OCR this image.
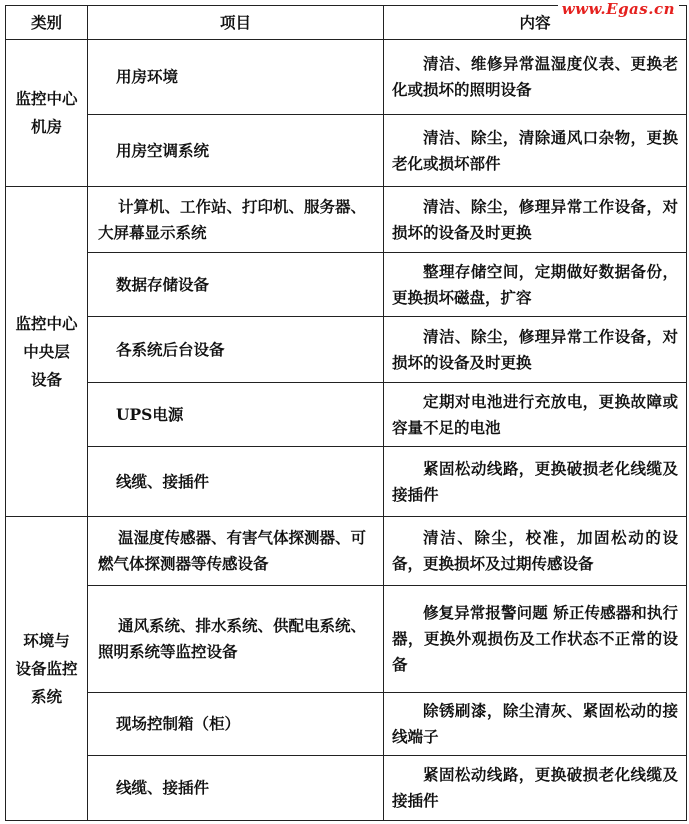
类别	项目	内容
监控中心
机房	用房环境	清洁、维修异常温湿度仪表、更换老化或损坏的照明设备
	用房空调系统	清洁、除尘，清除通风口杂物，更换老化或损坏部件
监控中心
中央层
设备	计算机、工作站、打印机、服务器、大屏幕显示系统	清洁、除尘，修理异常工作设备，对损坏的设备及时更换
	数据存储设备	整理存储空间，定期做好数据备份，更换损坏磁盘，扩容
	各系统后台设备	清洁、除尘，修理异常工作设备，对损坏的设备及时更换
	UPS电源	定期对电池进行充放电，更换故障或容量不足的电池
	线缆、接插件	紧固松动线路，更换破损老化线缆及接插件
环境与
设备监控
系统	温湿度传感器、有害气体探测器、可燃气体探测器等传感设备	清洁、除尘，校准，加固松动的设备，更换损坏及过期传感设备
	通风系统、排水系统、供配电系统、照明系统等监控设备	修复异常报警问题 矫正传感器和执行器，更换外观损伤及工作状态不正常的设备
	现场控制箱（柜）	除锈刷漆，除尘清灰、紧固松动的接线端子
	线缆、接插件	紧固松动线路，更换破损老化线缆及接插件
www.Egas.cn
